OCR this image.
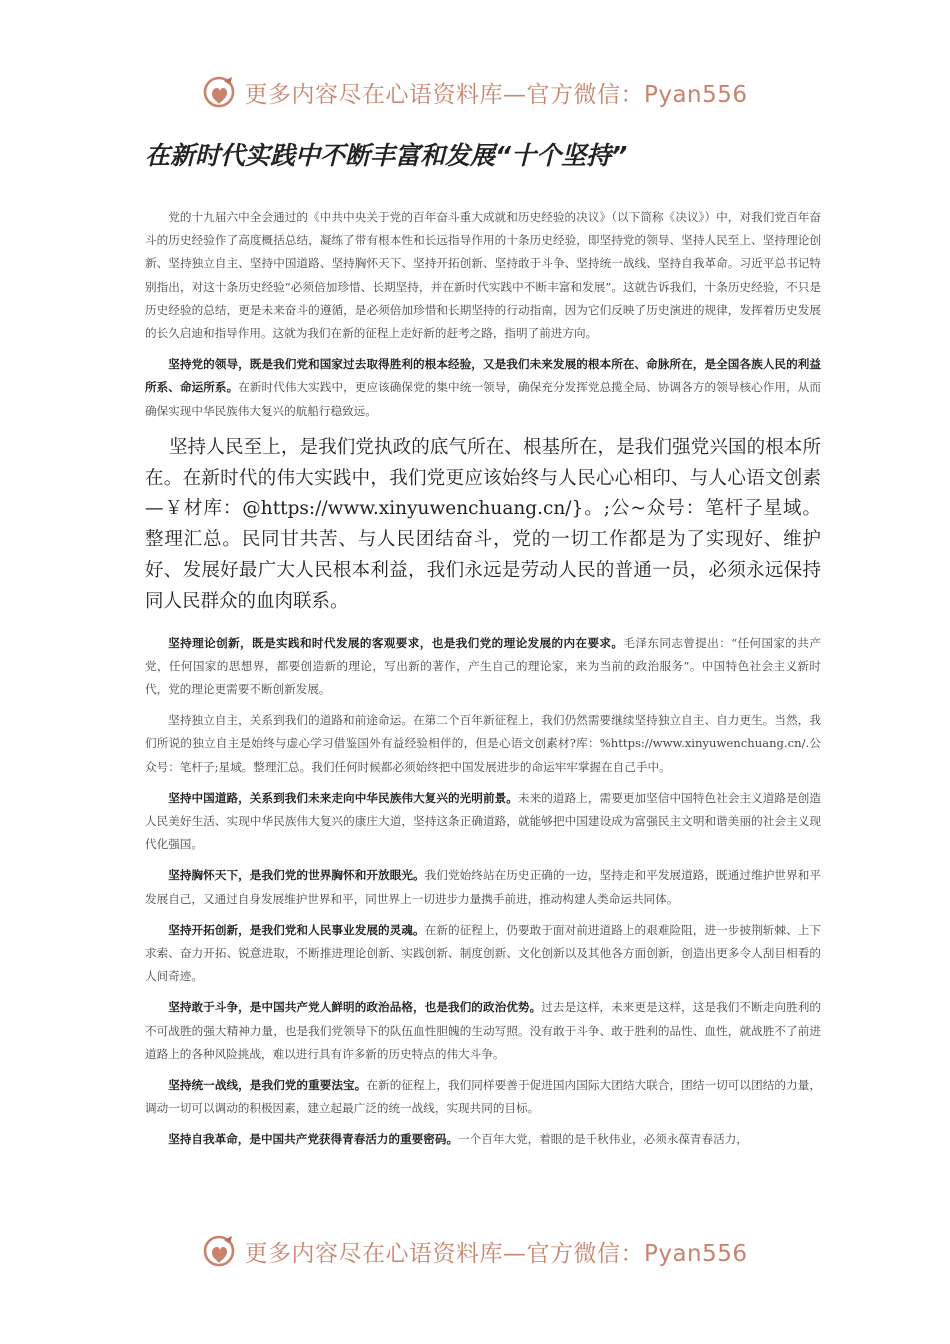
更多内容尽在心语资料库—官方微信：Pyan556
在新时代实践中不断丰富和发展“十个坚持”

党的十九届六中全会通过的《中共中央关于党的百年奋斗重大成就和历史经验的决议》（以下简称《决议》）中，对我们党百年奋斗的历史经验作了高度概括总结，凝练了带有根本性和长远指导作用的十条历史经验，即坚持党的领导、坚持人民至上、坚持理论创新、坚持独立自主、坚持中国道路、坚持胸怀天下、坚持开拓创新、坚持敢于斗争、坚持统一战线、坚持自我革命。习近平总书记特别指出，对这十条历史经验“必须倍加珍惜、长期坚持，并在新时代实践中不断丰富和发展”。这就告诉我们，十条历史经验，不只是历史经验的总结，更是未来奋斗的遵循，是必须倍加珍惜和长期坚持的行动指南，因为它们反映了历史演进的规律，发挥着历史发展的长久启迪和指导作用。这就为我们在新的征程上走好新的赶考之路，指明了前进方向。

坚持党的领导，既是我们党和国家过去取得胜利的根本经验，又是我们未来发展的根本所在、命脉所在，是全国各族人民的利益所系、命运所系。在新时代伟大实践中，更应该确保党的集中统一领导，确保充分发挥党总揽全局、协调各方的领导核心作用，从而确保实现中华民族伟大复兴的航船行稳致远。

坚持人民至上，是我们党执政的底气所在、根基所在，是我们强党兴国的根本所在。在新时代的伟大实践中，我们党更应该始终与人民心心相印、与人心语文创素—￥材库：@https://www.xinyuwenchuang.cn/}。;公~众号：笔杆子星域。整理汇总。民同甘共苦、与人民团结奋斗，党的一切工作都是为了实现好、维护好、发展好最广大人民根本利益，我们永远是劳动人民的普通一员，必须永远保持同人民群众的血肉联系。

坚持理论创新，既是实践和时代发展的客观要求，也是我们党的理论发展的内在要求。毛泽东同志曾提出：“任何国家的共产党，任何国家的思想界，都要创造新的理论，写出新的著作，产生自己的理论家，来为当前的政治服务”。中国特色社会主义新时代，党的理论更需要不断创新发展。

坚持独立自主，关系到我们的道路和前途命运。在第二个百年新征程上，我们仍然需要继续坚持独立自主、自力更生。当然，我们所说的独立自主是始终与虚心学习借鉴国外有益经验相伴的，但是心语文创素材?库：%https://www.xinyuwenchuang.cn/.公众号：笔杆子;星域。整理汇总。我们任何时候都必须始终把中国发展进步的命运牢牢掌握在自己手中。

坚持中国道路，关系到我们未来走向中华民族伟大复兴的光明前景。未来的道路上，需要更加坚信中国特色社会主义道路是创造人民美好生活、实现中华民族伟大复兴的康庄大道，坚持这条正确道路，就能够把中国建设成为富强民主文明和谐美丽的社会主义现代化强国。

坚持胸怀天下，是我们党的世界胸怀和开放眼光。我们党始终站在历史正确的一边，坚持走和平发展道路，既通过维护世界和平发展自己，又通过自身发展维护世界和平，同世界上一切进步力量携手前进，推动构建人类命运共同体。

坚持开拓创新，是我们党和人民事业发展的灵魂。在新的征程上，仍要敢于面对前进道路上的艰难险阻，进一步披荆斩棘、上下求索、奋力开拓、锐意进取，不断推进理论创新、实践创新、制度创新、文化创新以及其他各方面创新，创造出更多令人刮目相看的人间奇迹。

坚持敢于斗争，是中国共产党人鲜明的政治品格，也是我们的政治优势。过去是这样，未来更是这样，这是我们不断走向胜利的不可战胜的强大精神力量，也是我们党领导下的队伍血性胆魄的生动写照。没有敢于斗争、敢于胜利的品性、血性，就战胜不了前进道路上的各种风险挑战，难以进行具有许多新的历史特点的伟大斗争。

坚持统一战线，是我们党的重要法宝。在新的征程上，我们同样要善于促进国内国际大团结大联合，团结一切可以团结的力量，调动一切可以调动的积极因素，建立起最广泛的统一战线，实现共同的目标。

坚持自我革命，是中国共产党获得青春活力的重要密码。一个百年大党，着眼的是千秋伟业，必须永葆青春活力，

更多内容尽在心语资料库—官方微信：Pyan556
